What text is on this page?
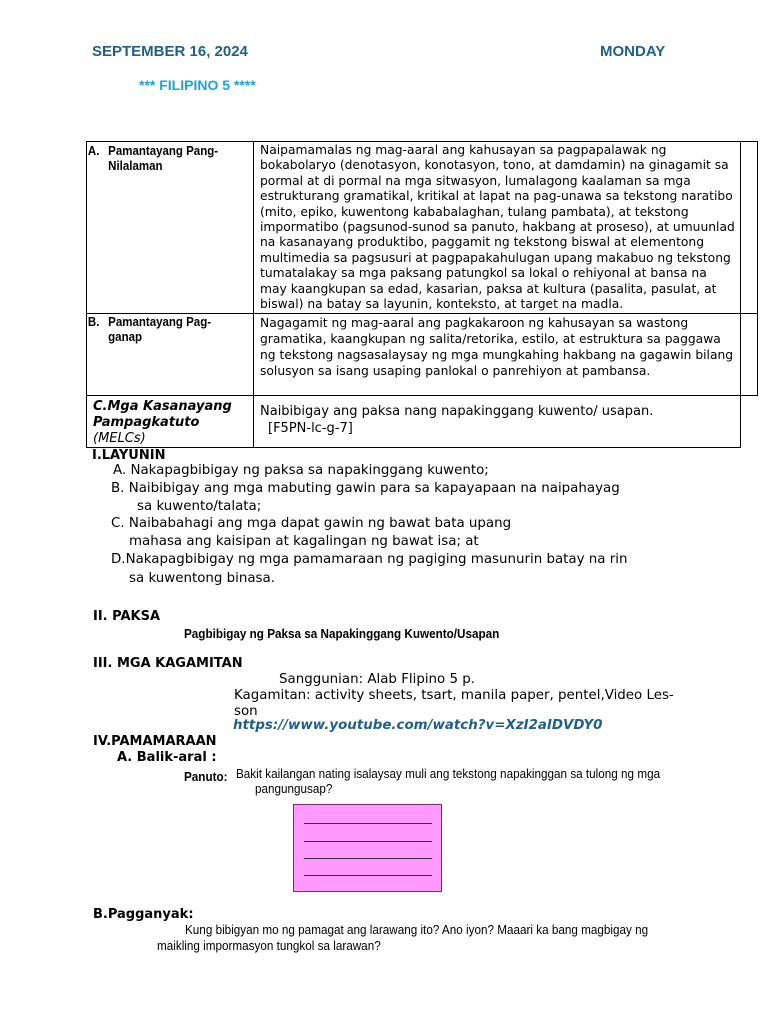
SEPTEMBER 16, 2024	MONDAY
*** FILIPINO 5 ****
A. Pamantayang Pang-
Nilalaman	Naipamamalas ng mag-aaral ang kahusayan sa pagpapalawak ng bokabolaryo (denotasyon, konotasyon, tono, at damdamin) na ginagamit sa pormal at di pormal na mga sitwasyon, lumalagong kaalaman sa mga estrukturang gramatikal, kritikal at lapat na pag-unawa sa tekstong naratibo (mito, epiko, kuwentong kababalaghan, tulang pambata), at tekstong impormatibo (pagsunod-sunod sa panuto, hakbang at proseso), at umuunlad na kasanayang produktibo, paggamit ng tekstong biswal at elementong multimedia sa pagsusuri at pagpapakahulugan upang makabuo ng tekstong tumatalakay sa mga paksang patungkol sa lokal o rehiyonal at bansa na may kaangkupan sa edad, kasarian, paksa at kultura (pasalita, pasulat, at biswal) na batay sa layunin, konteksto, at target na madla.	

B. Pamantayang Pag-
ganap	Nagagamit ng mag-aaral ang pagkakaroon ng kahusayan sa wastong gramatika, kaangkupan ng salita/retorika, estilo, at estruktura sa paggawa ng tekstong nagsasalaysay ng mga mungkahing hakbang na gagawin bilang solusyon sa isang usaping panlokal o panrehiyon at pambansa.	

C.Mga Kasanayang
Pampagkatuto
(MELCs)	Naibibigay ang paksa nang napakinggang kuwento/ usapan.
[F5PN-lc-g-7]	
I.LAYUNIN
A. Nakapagbibigay ng paksa sa napakinggang kuwento;
B. Naibibigay ang mga mabuting gawin para sa kapayapaan na naipahayag
sa kuwento/talata;
C. Naibabahagi ang mga dapat gawin ng bawat bata upang
mahasa ang kaisipan at kagalingan ng bawat isa; at
D.Nakapagbibigay ng mga pamamaraan ng pagiging masunurin batay na rin
sa kuwentong binasa.
II. PAKSA
Pagbibigay ng Paksa sa Napakinggang Kuwento/Usapan
III. MGA KAGAMITAN
Sanggunian: Alab Flipino 5 p.
Kagamitan: activity sheets, tsart, manila paper, pentel,Video Les-
son
https://www.youtube.com/watch?v=XzI2aIDVDY0
IV.PAMAMARAAN
A. Balik-aral :
Panuto: Bakit kailangan nating isalaysay muli ang tekstong napakinggan sa tulong ng mga
pangungusap?
B.Pagganyak:
Kung bibigyan mo ng pamagat ang larawang ito? Ano iyon? Maaari ka bang magbigay ng
maikling impormasyon tungkol sa larawan?
